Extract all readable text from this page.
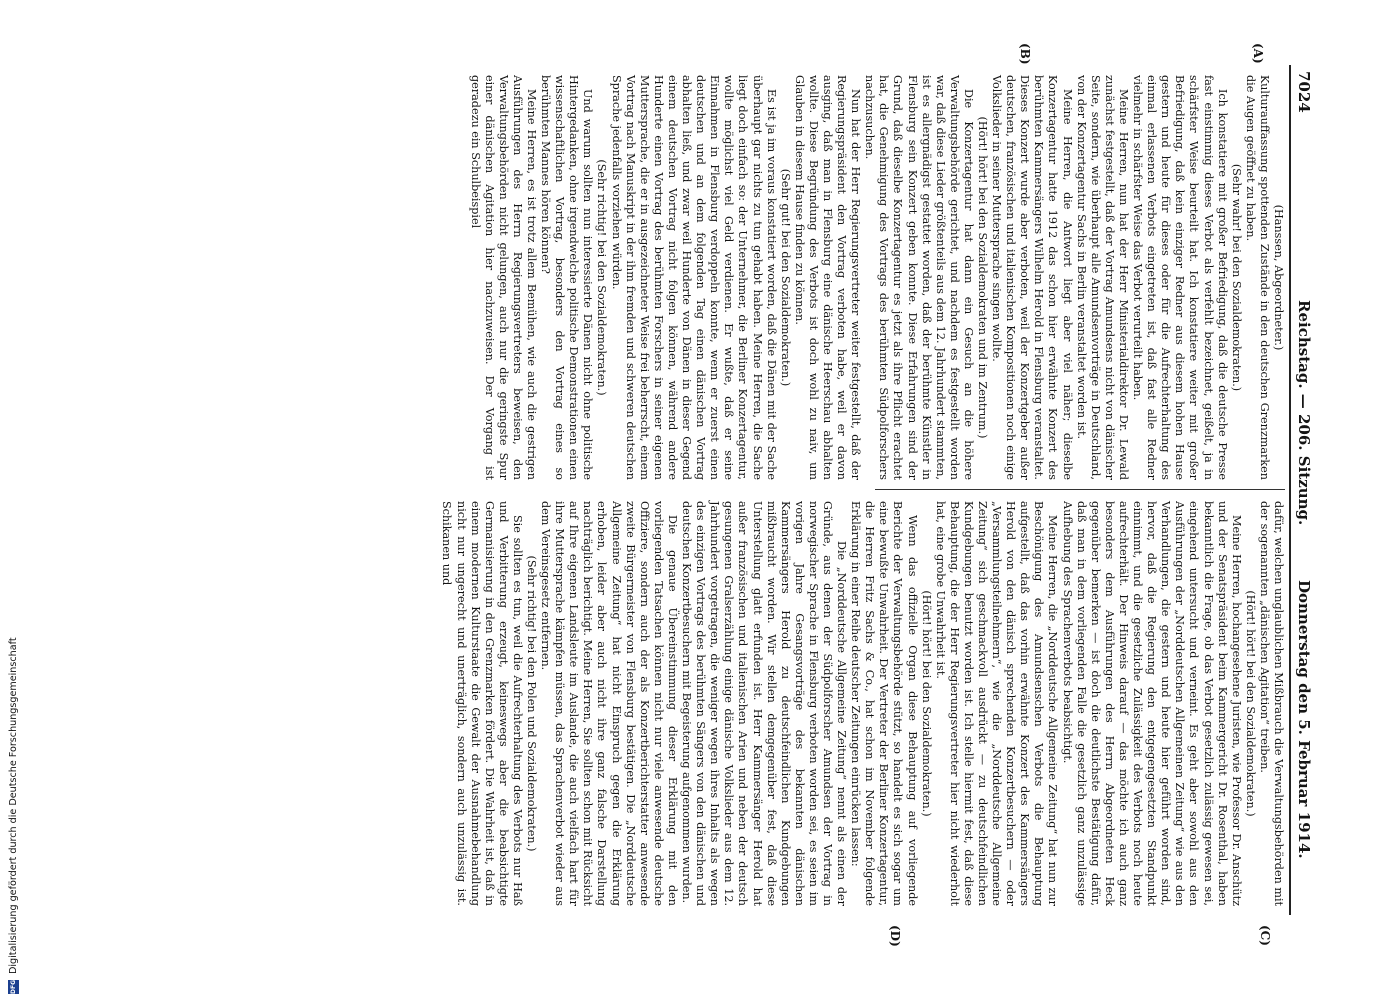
7024
Reichstag. — 206. Sitzung.
Donnerstag den 5. Februar 1914.
(A)
(B)
(C)
(D)

(Hanssen, Abgeordneter.)

Kulturauffassung spottenden Zustände in den deutschen Grenzmarken die Augen geöffnet zu haben.

(Sehr wahr! bei den Sozialdemokraten.)

Ich konstatiere mit großer Befriedigung, daß die deutsche Presse fast einstimmig dieses Verbot als verfehlt bezeichnet, geißelt, ja in schärfster Weise beurteilt hat. Ich konstatiere weiter mit großer Befriedigung, daß kein einziger Redner aus diesem hohen Hause gestern und heute für dieses oder für die Aufrechterhaltung des einmal erlassenen Verbots eingetreten ist, daß fast alle Redner vielmehr in schärfster Weise das Verbot verurteilt haben.

Meine Herren, nun hat der Herr Ministerialdirektor Dr. Lewald zunächst festgestellt, daß der Vortrag Amundsens nicht von dänischer Seite, sondern, wie überhaupt alle Amundsenvorträge in Deutschland, von der Konzertagentur Sachs in Berlin veranstaltet worden ist.

Meine Herren, die Antwort liegt aber viel näher; dieselbe Konzertagentur hatte 1912 das schon hier erwähnte Konzert des berühmten Kammersängers Wilhelm Herold in Flensburg veranstaltet. Dieses Konzert wurde aber verboten, weil der Konzertgeber außer deutschen, französischen und italienischen Kompositionen noch einige Volkslieder in seiner Muttersprache singen wollte.

(Hört! hört! bei den Sozialdemokraten und im Zentrum.)

Die Konzertagentur hat dann ein Gesuch an die höhere Verwaltungsbehörde gerichtet, und nachdem es festgestellt worden war, daß diese Lieder größtenteils aus dem 12. Jahrhundert stammten, ist es allergnädigst gestattet worden, daß der berühmte Künstler in Flensburg sein Konzert geben konnte. Diese Erfahrungen sind der Grund, daß dieselbe Konzertagentur es jetzt als ihre Pflicht erachtet hat, die Genehmigung des Vortrags des berühmten Südpolforschers nachzusuchen.

Nun hat der Herr Regierungsvertreter weiter festgestellt, daß der Regierungspräsident den Vortrag verboten habe, weil er davon ausging, daß man in Flensburg eine dänische Heerschau abhalten wollte. Diese Begründung des Verbots ist doch wohl zu naiv, um Glauben in diesem Hause finden zu können.

(Sehr gut! bei den Sozialdemokraten.)

Es ist ja im voraus konstatiert worden, daß die Dänen mit der Sache überhaupt gar nichts zu tun gehabt haben. Meine Herren, die Sache liegt doch einfach so: der Unternehmer, die Berliner Konzertagentur, wollte möglichst viel Geld verdienen. Er wußte, daß er seine Einnahmen in Flensburg verdoppeln konnte, wenn er zuerst einen deutschen und an dem folgenden Tag einen dänischen Vortrag abhalten ließ, und zwar weil Hunderte von Dänen in dieser Gegend einem deutschen Vortrag nicht folgen können, während andere Hunderte einen Vortrag des berühmten Forschers in seiner eigenen Muttersprache, die er in ausgezeichneter Weise frei beherrscht, einem Vortrag nach Manuskript in der ihm fremden und schweren deutschen Sprache jedenfalls vorziehen würden.

(Sehr richtig! bei den Sozialdemokraten.)

Und warum sollten nun interessierte Dänen nicht ohne politische Hintergedanken, ohne irgendwelche politische Demonstrationen einen wissenschaftlichen Vortrag, besonders den Vortrag eines so berühmten Mannes hören können?

Meine Herren, es ist trotz allem Bemühen, wie auch die gestrigen Ausführungen des Herrn Regierungsvertreters beweisen, den Verwaltungsbehörden nicht gelungen, auch nur die geringste Spur einer dänischen Agitation hier nachzuweisen. Der Vorgang ist geradezu ein Schulbeispiel

dafür, welchen unglaublichen Mißbrauch die Verwaltungsbehörden mit der sogenannten „dänischen Agitation“ treiben.

(Hört! hört! bei den Sozialdemokraten.)

Meine Herren, hochangesehene Juristen, wie Professor Dr. Anschütz und der Senatspräsident beim Kammergericht Dr. Rosenthal, haben bekanntlich die Frage, ob das Verbot gesetzlich zulässig gewesen sei, eingehend untersucht und verneint. Es geht aber sowohl aus den Ausführungen der „Norddeutschen Allgemeinen Zeitung“ wie aus den Verhandlungen, die gestern und heute hier geführt worden sind, hervor, daß die Regierung den entgegengesetzten Standpunkt einnimmt, und die gesetzliche Zulässigkeit des Verbots noch heute aufrechterhält. Der Hinweis darauf — das möchte ich auch ganz besonders dem Ausführungen des Herrn Abgeordneten Heck gegenüber bemerken — ist doch die deutlichste Bestätigung dafür, daß man in dem vorliegenden Falle die gesetzlich ganz unzulässige Aufhebung des Sprachenverbots beabsichtigt.

Meine Herren, die „Norddeutsche Allgemeine Zeitung“ hat nun zur Beschönigung des Amundsenschen Verbots die Behauptung aufgestellt, daß das vorhin erwähnte Konzert des Kammersängers Herold von den dänisch sprechenden Konzertbesuchern — oder „Versammlungsteilnehmern“, wie die „Norddeutsche Allgemeine Zeitung“ sich geschmackvoll ausdrückt — zu deutschfeindlichen Kundgebungen benutzt worden ist. Ich stelle hiermit fest, daß diese Behauptung, die der Herr Regierungsvertreter hier nicht wiederholt hat, eine grobe Unwahrheit ist.

(Hört! hört! bei den Sozialdemokraten.)

Wenn das offizielle Organ diese Behauptung auf vorliegende Berichte der Verwaltungsbehörde stützt, so handelt es sich sogar um eine bewußte Unwahrheit. Der Vertreter der Berliner Konzertagentur, die Herren Fritz Sachs & Co., hat schon im November folgende Erklärung in einer Reihe deutscher Zeitungen einrücken lassen:

Die „Norddeutsche Allgemeine Zeitung“ nennt als einen der Gründe, aus denen der Südpolforscher Amundsen der Vortrag in norwegischer Sprache in Flensburg verboten worden sei, es seien im vorigen Jahre Gesangsvorträge des bekannten dänischen Kammersängers Herold zu deutschfeindlichen Kundgebungen mißbraucht worden. Wir stellen demgegenüber fest, daß diese Unterstellung glatt erfunden ist. Herr Kammersänger Herold hat außer französischen und italienischen Arien und neben der deutsch gesungenen Gralserzählung einige dänische Volkslieder aus dem 12. Jahrhundert vorgetragen, die weniger wegen ihres Inhalts als wegen des einzigen Vortrags des berühmten Sängers von den dänischen und deutschen Konzertbesuchern mit Begeisterung aufgenommen wurden.

Die genaue Übereinstimmung dieser Erklärung mit den vorliegenden Tatsachen können nicht nur viele anwesende deutsche Offiziere, sondern auch der als Konzertberichterstatter anwesende zweite Bürgermeister von Flensburg bestätigen. Die „Norddeutsche Allgemeine Zeitung“ hat nicht Einspruch gegen die Erklärung erhoben, leider aber auch nicht ihre ganz falsche Darstellung nachträglich berichtigt. Meine Herren, Sie sollten schon mit Rücksicht auf Ihre eigenen Landsleute im Auslande, die auch vielfach hart für ihre Muttersprache kämpfen müssen, das Sprachenverbot wieder aus dem Vereinsgesetz entfernen.

(Sehr richtig! bei den Polen und Sozialdemokraten.)

Sie sollten es tun, weil die Aufrechterhaltung des Verbots nur Haß und Verbitterung erzeugt, keineswegs aber die beabsichtigte Germanisierung in den Grenzmarken fördert. Die Wahrheit ist, daß in einem modernen Kulturstaate die Gewalt der Ausnahmebehandlung nicht nur ungerecht und unerträglich, sondern auch unzulässig ist. Schikanen und

DFG
Digitalisierung gefördert durch die Deutsche Forschungsgemeinschaft
